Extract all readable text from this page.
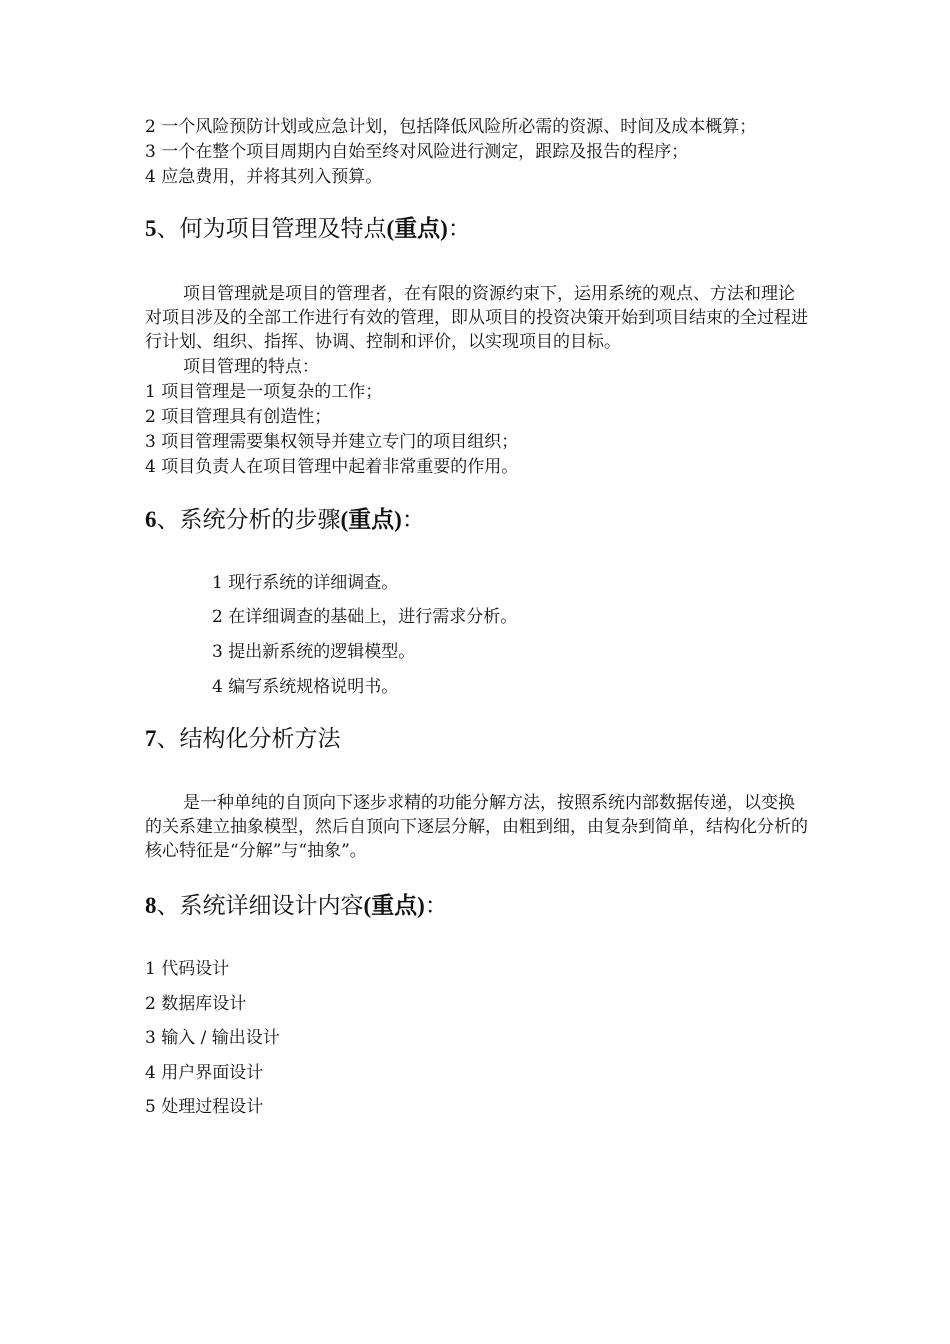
2 一个风险预防计划或应急计划，包括降低风险所必需的资源、时间及成本概算；
3 一个在整个项目周期内自始至终对风险进行测定，跟踪及报告的程序；
4 应急费用，并将其列入预算。
5、何为项目管理及特点(重点)：
项目管理就是项目的管理者，在有限的资源约束下，运用系统的观点、方法和理论对项目涉及的全部工作进行有效的管理，即从项目的投资决策开始到项目结束的全过程进行计划、组织、指挥、协调、控制和评价，以实现项目的目标。
项目管理的特点：
1 项目管理是一项复杂的工作；
2 项目管理具有创造性；
3 项目管理需要集权领导并建立专门的项目组织；
4 项目负责人在项目管理中起着非常重要的作用。
6、系统分析的步骤(重点)：
1 现行系统的详细调查。
2 在详细调查的基础上，进行需求分析。
3 提出新系统的逻辑模型。
4 编写系统规格说明书。
7、结构化分析方法
是一种单纯的自顶向下逐步求精的功能分解方法，按照系统内部数据传递，以变换的关系建立抽象模型，然后自顶向下逐层分解，由粗到细，由复杂到简单，结构化分析的核心特征是“分解”与“抽象”。
8、系统详细设计内容(重点)：
1 代码设计
2 数据库设计
3 输入 / 输出设计
4 用户界面设计
5 处理过程设计
